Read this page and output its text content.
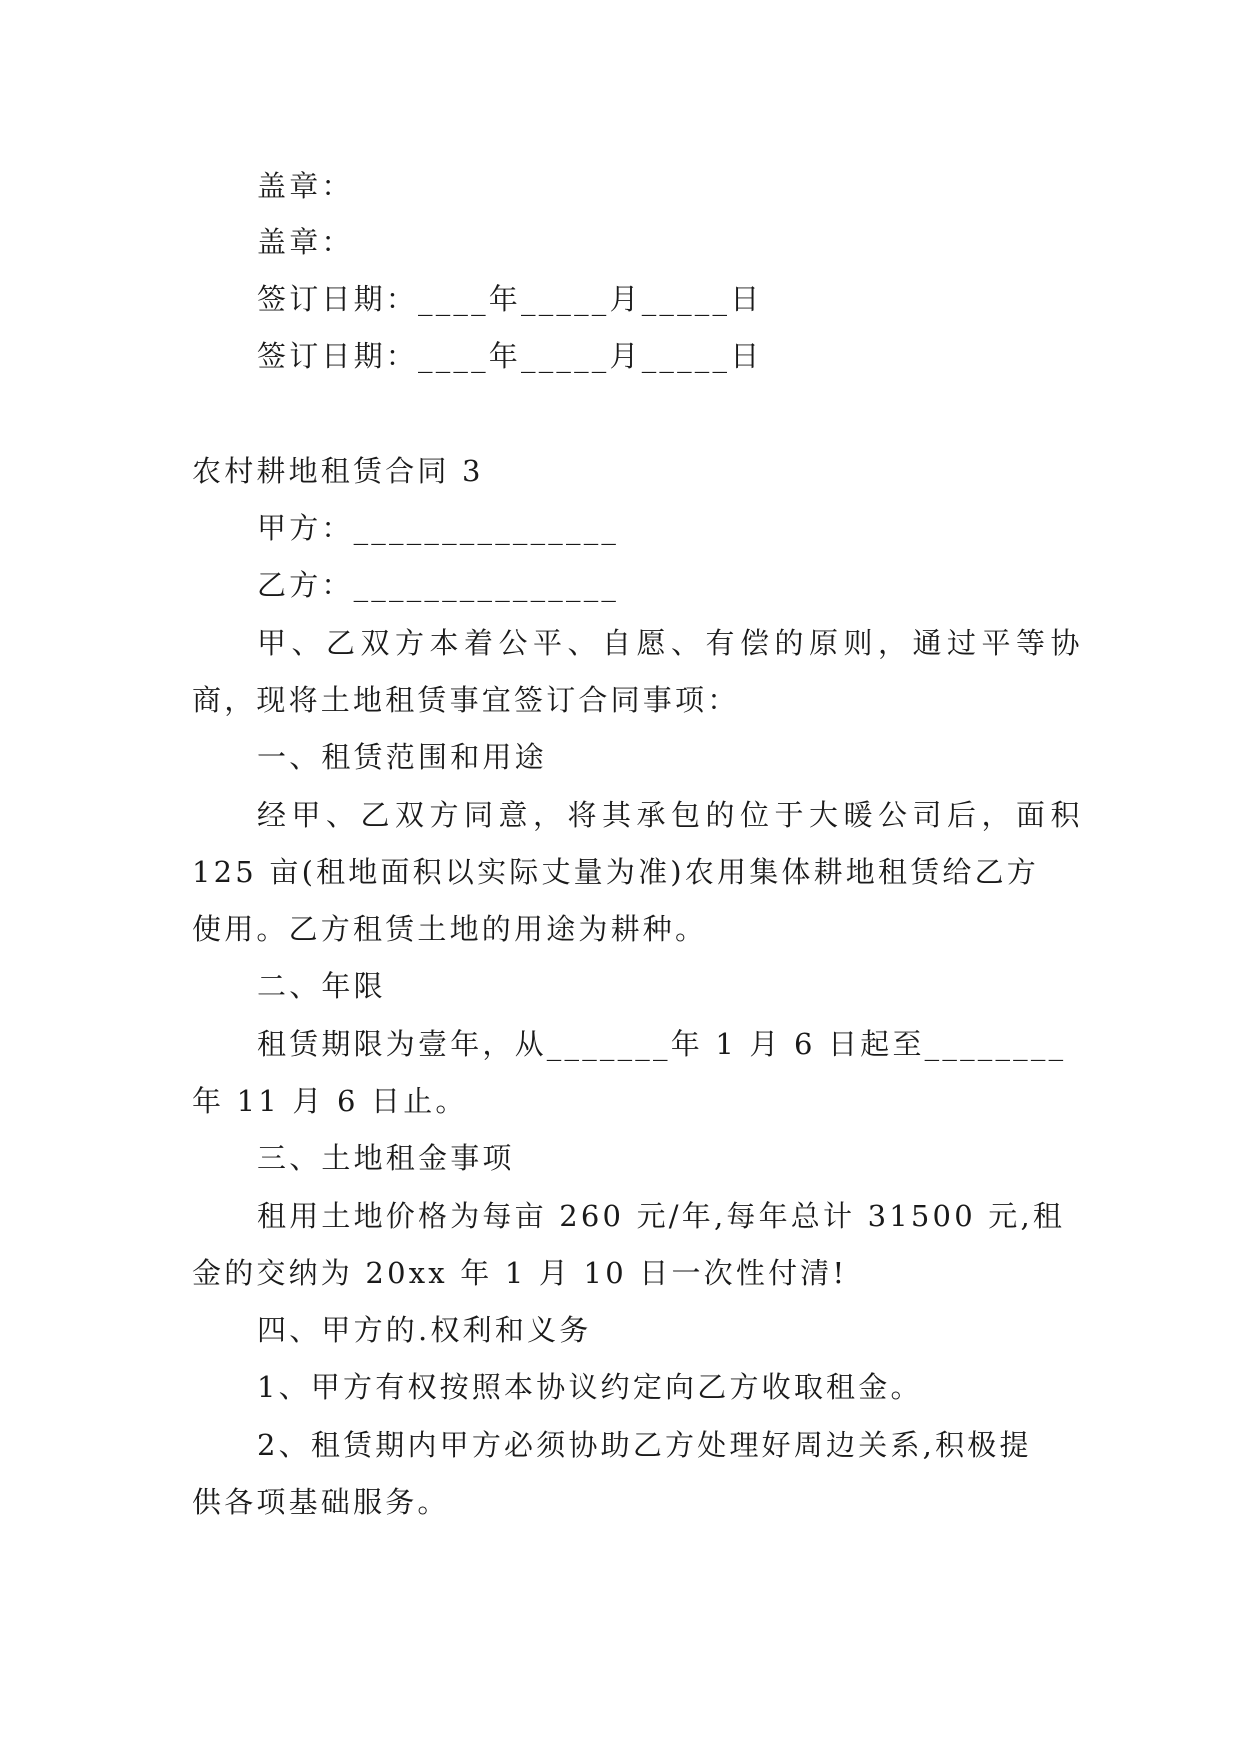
盖章：
盖章：
签订日期：____年_____月_____日
签订日期：____年_____月_____日
农村耕地租赁合同 3
甲方：_______________
乙方：_______________
甲、乙双方本着公平、自愿、有偿的原则，通过平等协
商，现将土地租赁事宜签订合同事项：
一、租赁范围和用途
经甲、乙双方同意，将其承包的位于大暖公司后，面积
125 亩(租地面积以实际丈量为准)农用集体耕地租赁给乙方
使用。乙方租赁土地的用途为耕种。
二、年限
租赁期限为壹年，从_______年 1 月 6 日起至________
年 11 月 6 日止。
三、土地租金事项
租用土地价格为每亩 260 元/年,每年总计 31500 元,租
金的交纳为 20xx 年 1 月 10 日一次性付清!
四、甲方的.权利和义务
1、甲方有权按照本协议约定向乙方收取租金。
2、租赁期内甲方必须协助乙方处理好周边关系,积极提
供各项基础服务。
